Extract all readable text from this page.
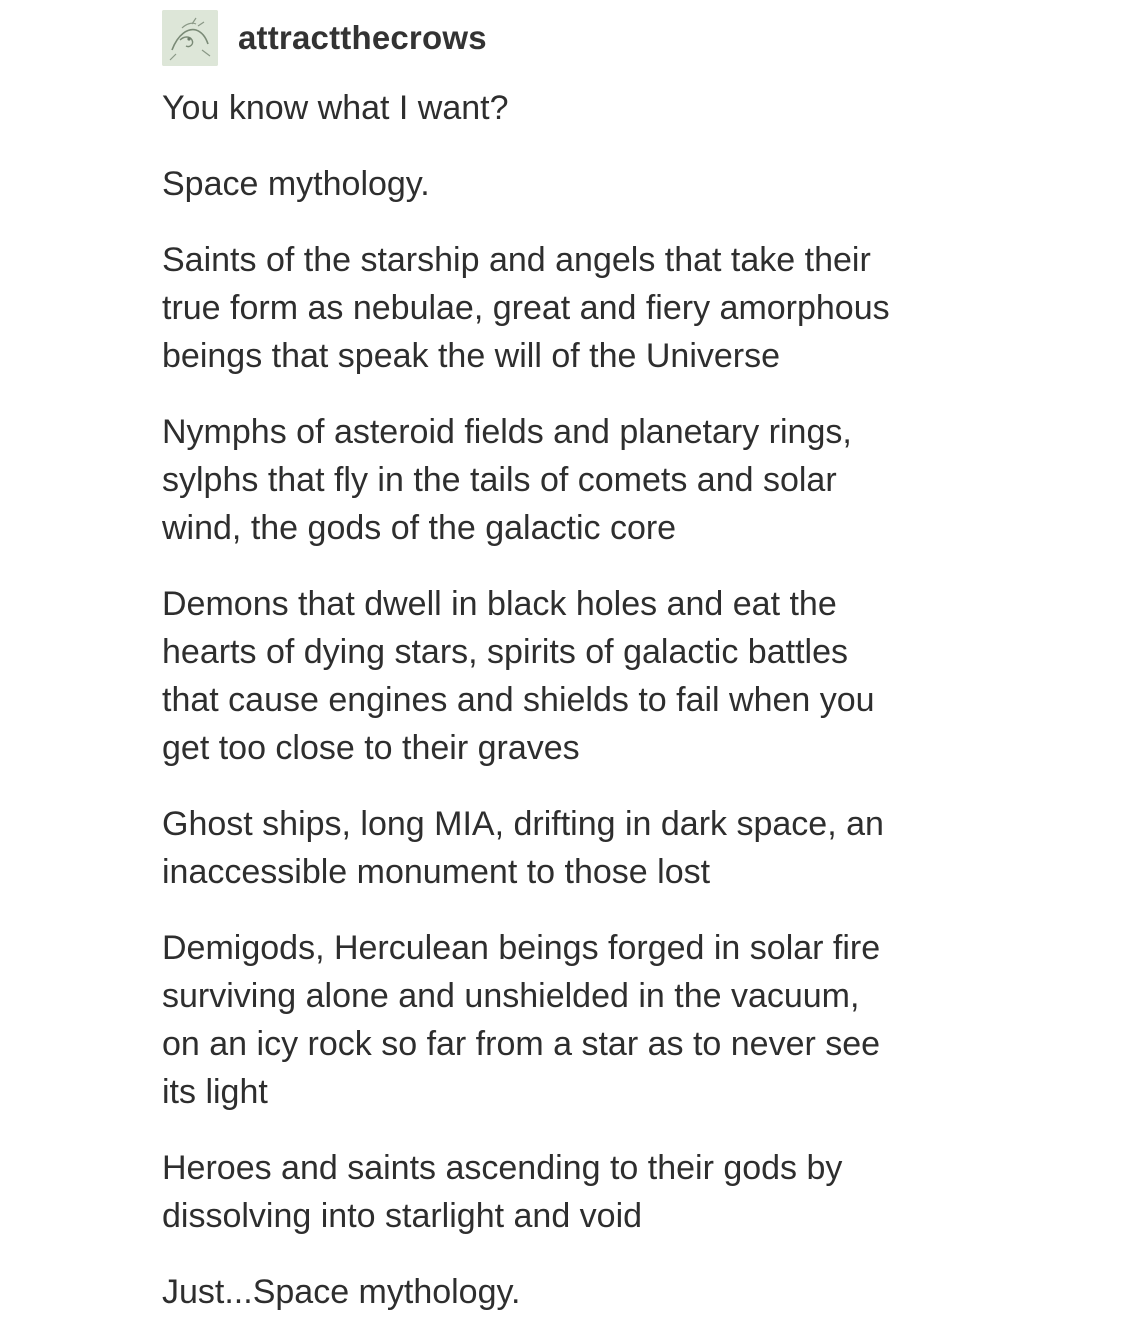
attractthecrows

You know what I want?

Space mythology.

Saints of the starship and angels that take their
true form as nebulae, great and fiery amorphous
beings that speak the will of the Universe

Nymphs of asteroid fields and planetary rings,
sylphs that fly in the tails of comets and solar
wind, the gods of the galactic core

Demons that dwell in black holes and eat the
hearts of dying stars, spirits of galactic battles
that cause engines and shields to fail when you
get too close to their graves

Ghost ships, long MIA, drifting in dark space, an
inaccessible monument to those lost

Demigods, Herculean beings forged in solar fire
surviving alone and unshielded in the vacuum,
on an icy rock so far from a star as to never see
its light

Heroes and saints ascending to their gods by
dissolving into starlight and void

Just...Space mythology.
